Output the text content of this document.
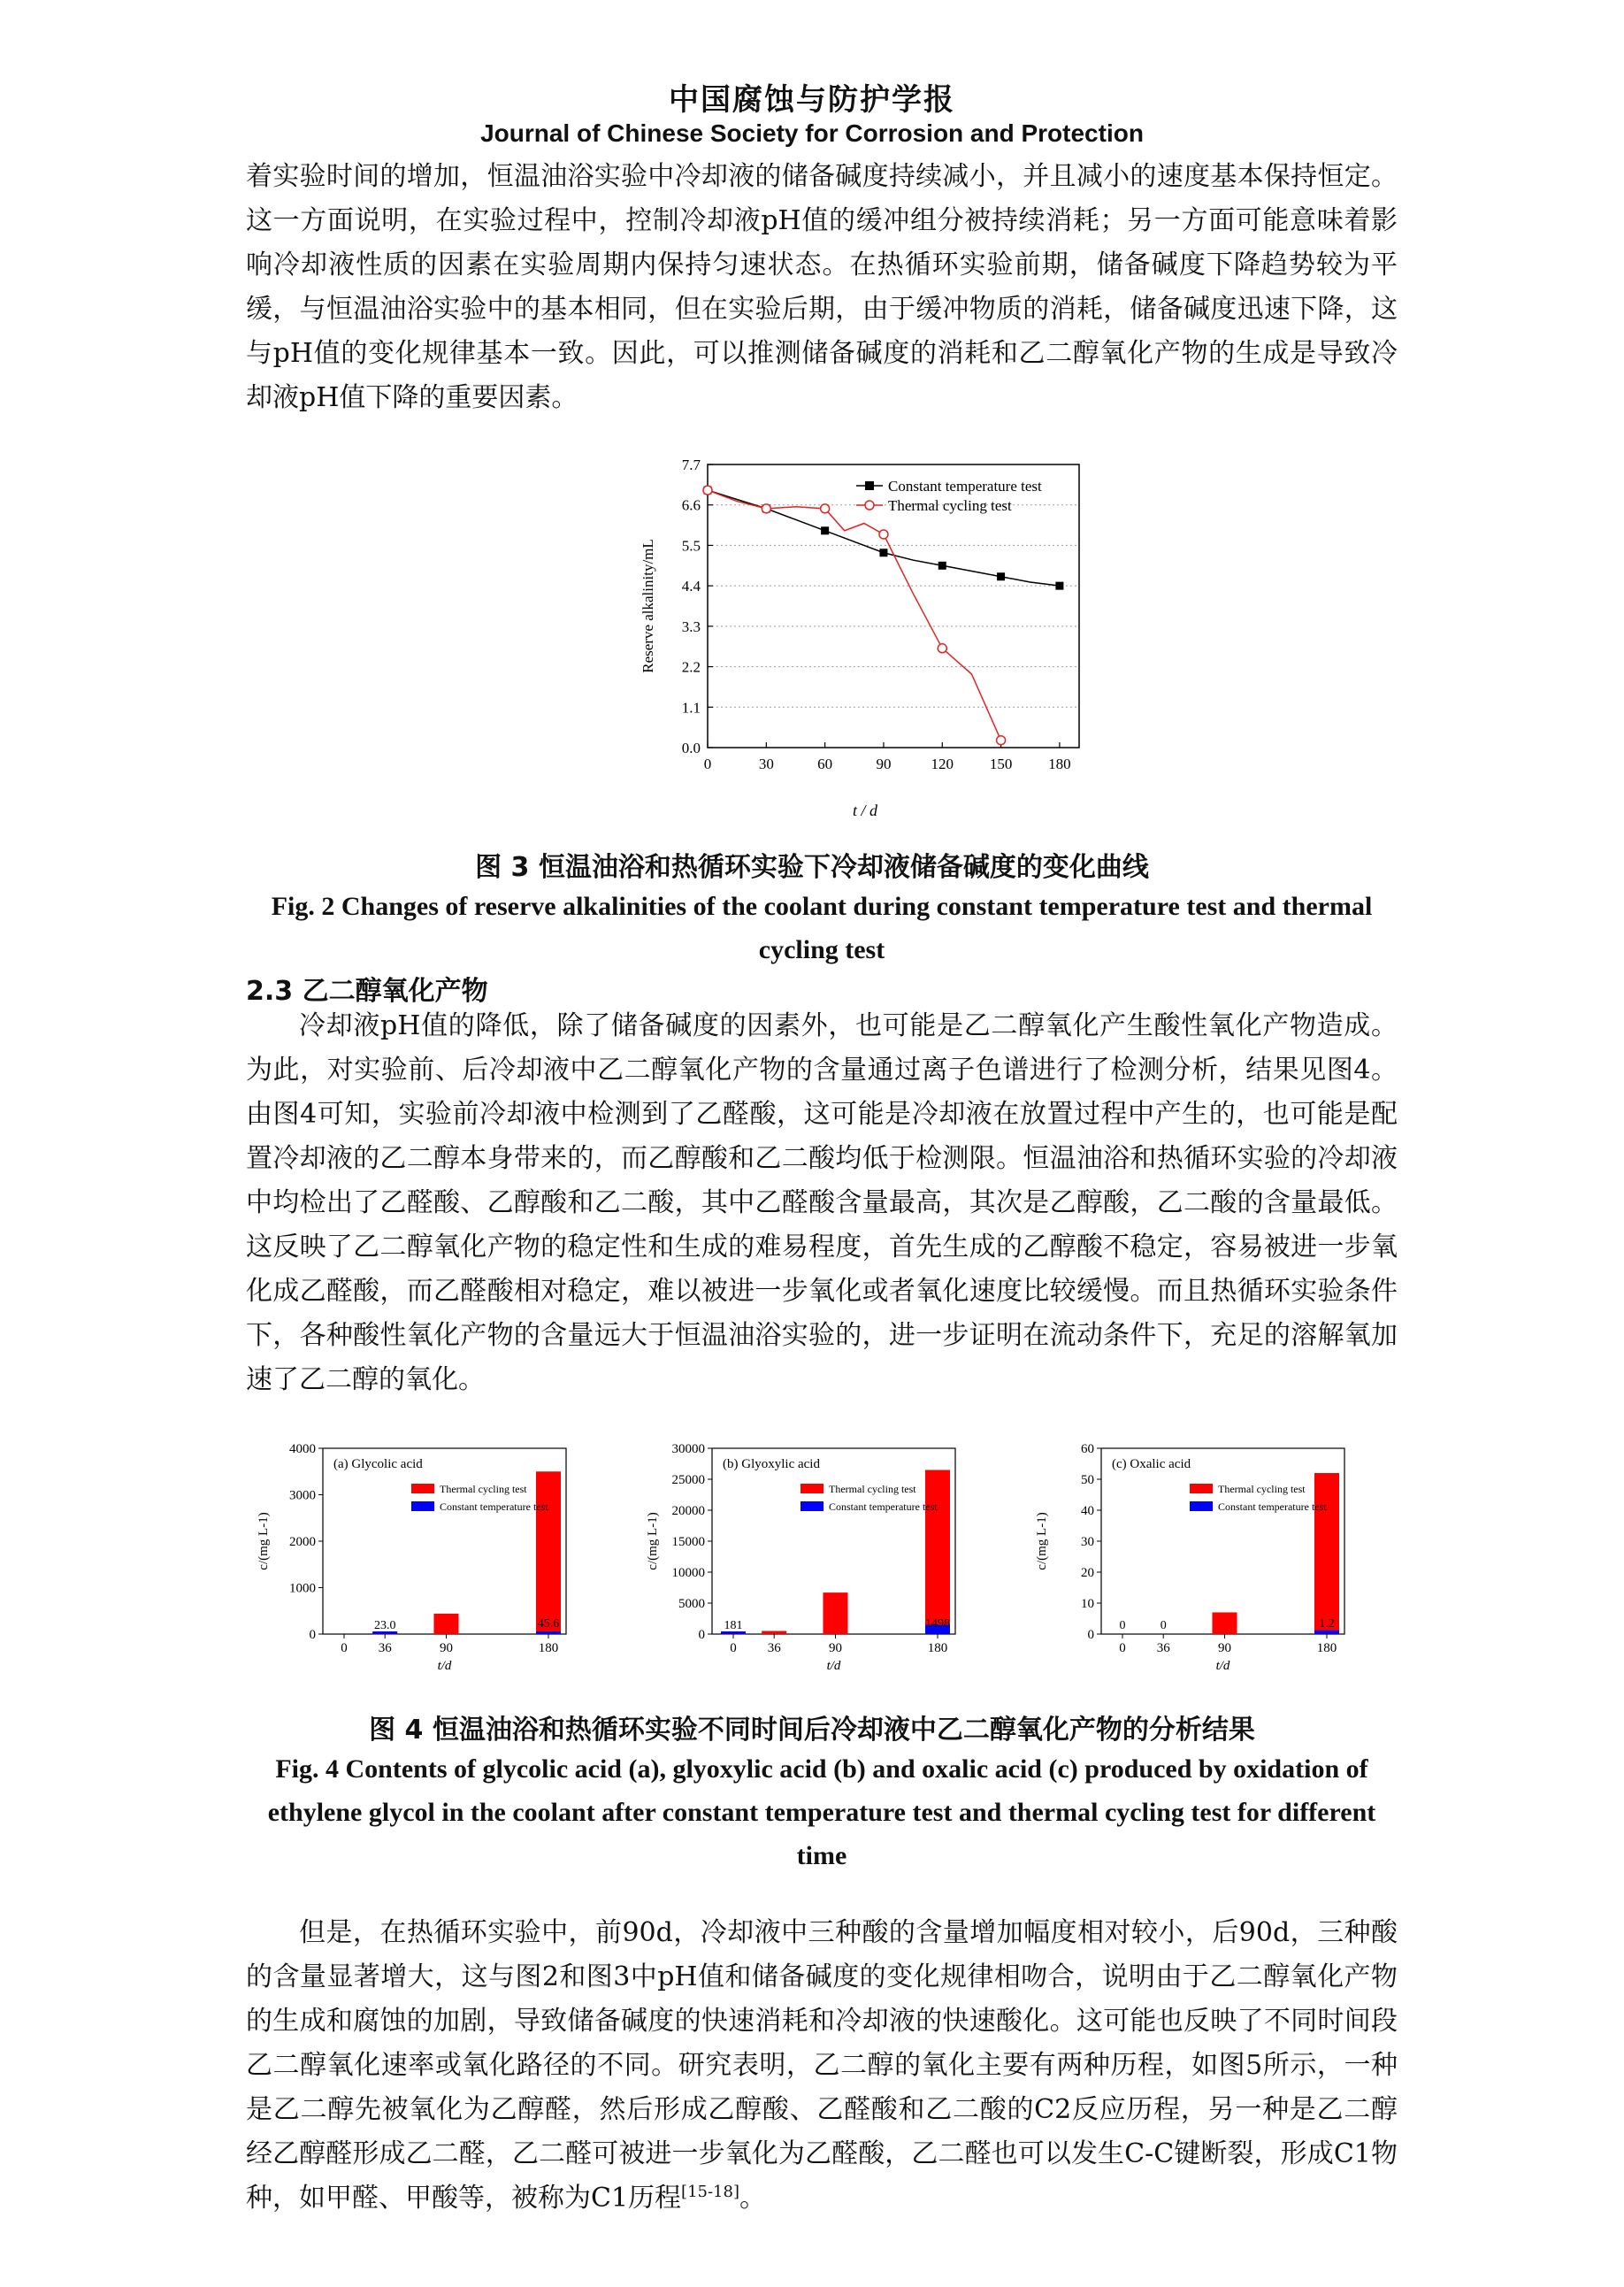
中国腐蚀与防护学报
Journal of Chinese Society for Corrosion and Protection

着实验时间的增加，恒温油浴实验中冷却液的储备碱度持续减小，并且减小的速度基本保持恒定。这一方面说明，在实验过程中，控制冷却液pH值的缓冲组分被持续消耗；另一方面可能意味着影响冷却液性质的因素在实验周期内保持匀速状态。在热循环实验前期，储备碱度下降趋势较为平缓，与恒温油浴实验中的基本相同，但在实验后期，由于缓冲物质的消耗，储备碱度迅速下降，这与pH值的变化规律基本一致。因此，可以推测储备碱度的消耗和乙二醇氧化产物的生成是导致冷却液pH值下降的重要因素。

0.0
1.1
2.2
3.3
4.4
5.5
6.6
7.7
0	30	60	90	120 150 180
Constant temperature test
Thermal cycling test
t / d
Reserve alkalinity/mL
图 3 恒温油浴和热循环实验下冷却液储备碱度的变化曲线
Fig. 2 Changes of reserve alkalinities of the coolant during constant temperature test and thermal cycling test
2.3 乙二醇氧化产物

冷却液pH值的降低，除了储备碱度的因素外，也可能是乙二醇氧化产生酸性氧化产物造成。为此，对实验前、后冷却液中乙二醇氧化产物的含量通过离子色谱进行了检测分析，结果见图4。由图4可知，实验前冷却液中检测到了乙醛酸，这可能是冷却液在放置过程中产生的，也可能是配置冷却液的乙二醇本身带来的，而乙醇酸和乙二酸均低于检测限。恒温油浴和热循环实验的冷却液中均检出了乙醛酸、乙醇酸和乙二酸，其中乙醛酸含量最高，其次是乙醇酸，乙二酸的含量最低。这反映了乙二醇氧化产物的稳定性和生成的难易程度，首先生成的乙醇酸不稳定，容易被进一步氧化成乙醛酸，而乙醛酸相对稳定，难以被进一步氧化或者氧化速度比较缓慢。而且热循环实验条件下，各种酸性氧化产物的含量远大于恒温油浴实验的，进一步证明在流动条件下，充足的溶解氧加速了乙二醇的氧化。

0
1000
2000
3000
4000
0 36	90	180
23.0	45.6
(a) Glycolic acid
Thermal cycling test
Constant temperature test
t/d
c/(mg L-1)
0
5000
10000
15000
20000
25000
30000
0 36	90	180
181	1498
(b) Glyoxylic acid
Thermal cycling test
Constant temperature test
t/d
c/(mg L-1)
0
10
20
30
40
50
60
0 36	90	180
0	0	1.2
(c) Oxalic acid
Thermal cycling test
Constant temperature test
t/d
c/(mg L-1)
图 4 恒温油浴和热循环实验不同时间后冷却液中乙二醇氧化产物的分析结果
Fig. 4 Contents of glycolic acid (a), glyoxylic acid (b) and oxalic acid (c) produced by oxidation of ethylene glycol in the coolant after constant temperature test and thermal cycling test for different time

但是，在热循环实验中，前90d，冷却液中三种酸的含量增加幅度相对较小，后90d，三种酸的含量显著增大，这与图2和图3中pH值和储备碱度的变化规律相吻合，说明由于乙二醇氧化产物的生成和腐蚀的加剧，导致储备碱度的快速消耗和冷却液的快速酸化。这可能也反映了不同时间段乙二醇氧化速率或氧化路径的不同。研究表明，乙二醇的氧化主要有两种历程，如图5所示，一种是乙二醇先被氧化为乙醇醛，然后形成乙醇酸、乙醛酸和乙二酸的C2反应历程，另一种是乙二醇经乙醇醛形成乙二醛，乙二醛可被进一步氧化为乙醛酸，乙二醛也可以发生C-C键断裂，形成C1物种，如甲醛、甲酸等，被称为C1历程[15-18]。
